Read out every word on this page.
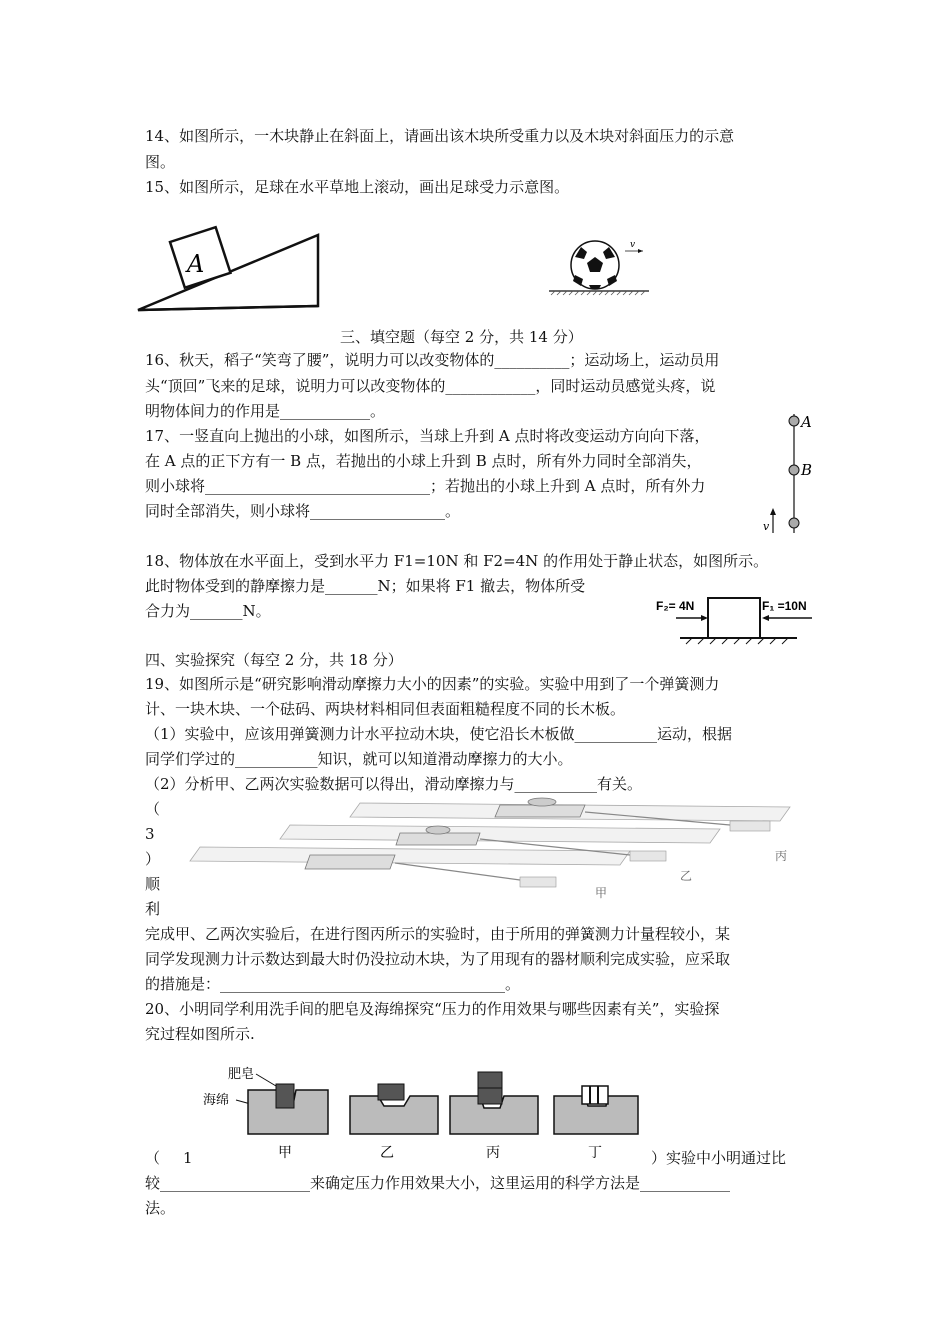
14、如图所示，一木块静止在斜面上，请画出该木块所受重力以及木块对斜面压力的示意
图。
15、如图所示，足球在水平草地上滚动，画出足球受力示意图。
A
v
三、填空题（每空 2 分，共 14 分）
16、秋天，稻子“笑弯了腰”，说明力可以改变物体的__________；运动场上，运动员用
头“顶回”飞来的足球，说明力可以改变物体的____________，同时运动员感觉头疼，说
明物体间力的作用是____________。
17、一竖直向上抛出的小球，如图所示，当球上升到 A 点时将改变运动方向向下落，
在 A 点的正下方有一 B 点，若抛出的小球上升到 B 点时，所有外力同时全部消失，
则小球将______________________________；若抛出的小球上升到 A 点时，所有外力
同时全部消失，则小球将__________________。
A
B
v
18、物体放在水平面上，受到水平力 F1=10N 和 F2=4N 的作用处于静止状态，如图所示。
此时物体受到的静摩擦力是_______N；如果将 F1 撤去，物体所受
合力为_______N。	F₂= 4N	F₁ =10N
四、实验探究（每空 2 分，共 18 分）
19、如图所示是“研究影响滑动摩擦力大小的因素”的实验。实验中用到了一个弹簧测力
计、一块木块、一个砝码、两块材料相同但表面粗糙程度不同的长木板。
（1）实验中，应该用弹簧测力计水平拉动木块，使它沿长木板做___________运动，根据
同学们学过的___________知识，就可以知道滑动摩擦力的大小。
（2）分析甲、乙两次实验数据可以得出，滑动摩擦力与___________有关。
（
3
）
顺
利
丙
乙
甲
完成甲、乙两次实验后，在进行图丙所示的实验时，由于所用的弹簧测力计量程较小，某
同学发现测力计示数达到最大时仍没拉动木块，为了用现有的器材顺利完成实验，应采取
的措施是：______________________________________。
20、小明同学利用洗手间的肥皂及海绵探究“压力的作用效果与哪些因素有关”，实验探
究过程如图所示.
肥皂
海绵
甲	乙	丙	丁
（ 1	）实验中小明通过比
较____________________来确定压力作用效果大小，这里运用的科学方法是____________
法。
